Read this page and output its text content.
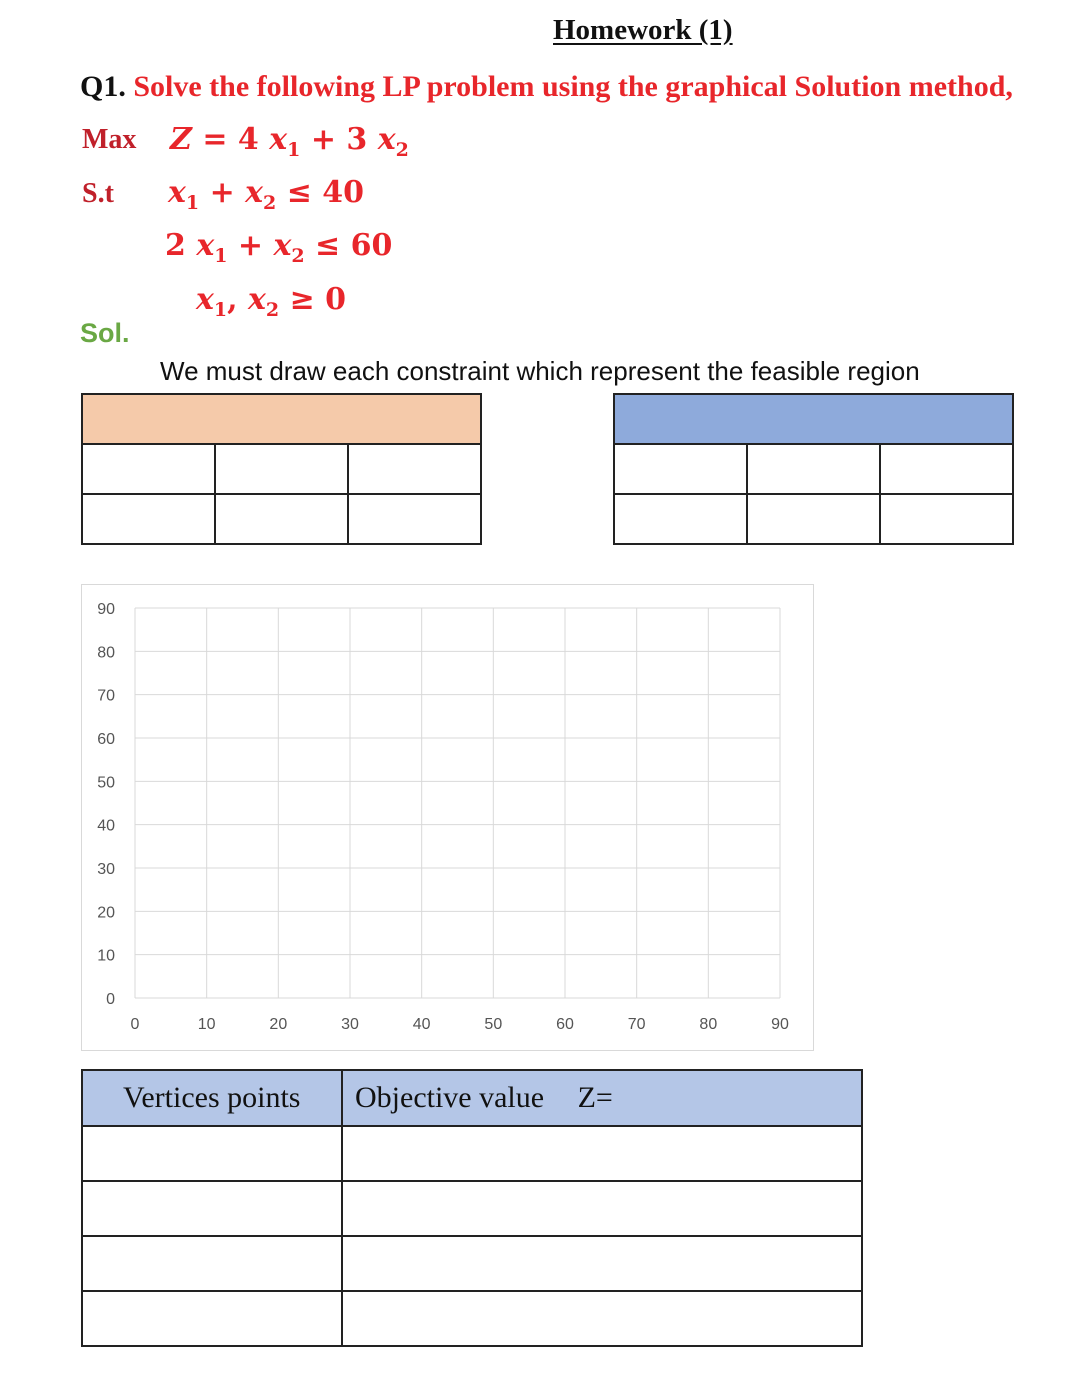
Homework (1)
Q1. Solve the following LP problem using the graphical Solution method,
Max Z = 4 $x_1 + 3$ $x_2$
S.t $x_1 + x_2 \le 40$
2 $x_1 + x_2 \le 60$
$x_1$, $x_2 \ge 0$
Sol.
We must draw each constraint which represent the feasible region

0
10
20
30
40
50
60
70
80
90
0	10	20	30	40	50	60	70	80	90
Vertices points	Objective value Z=
